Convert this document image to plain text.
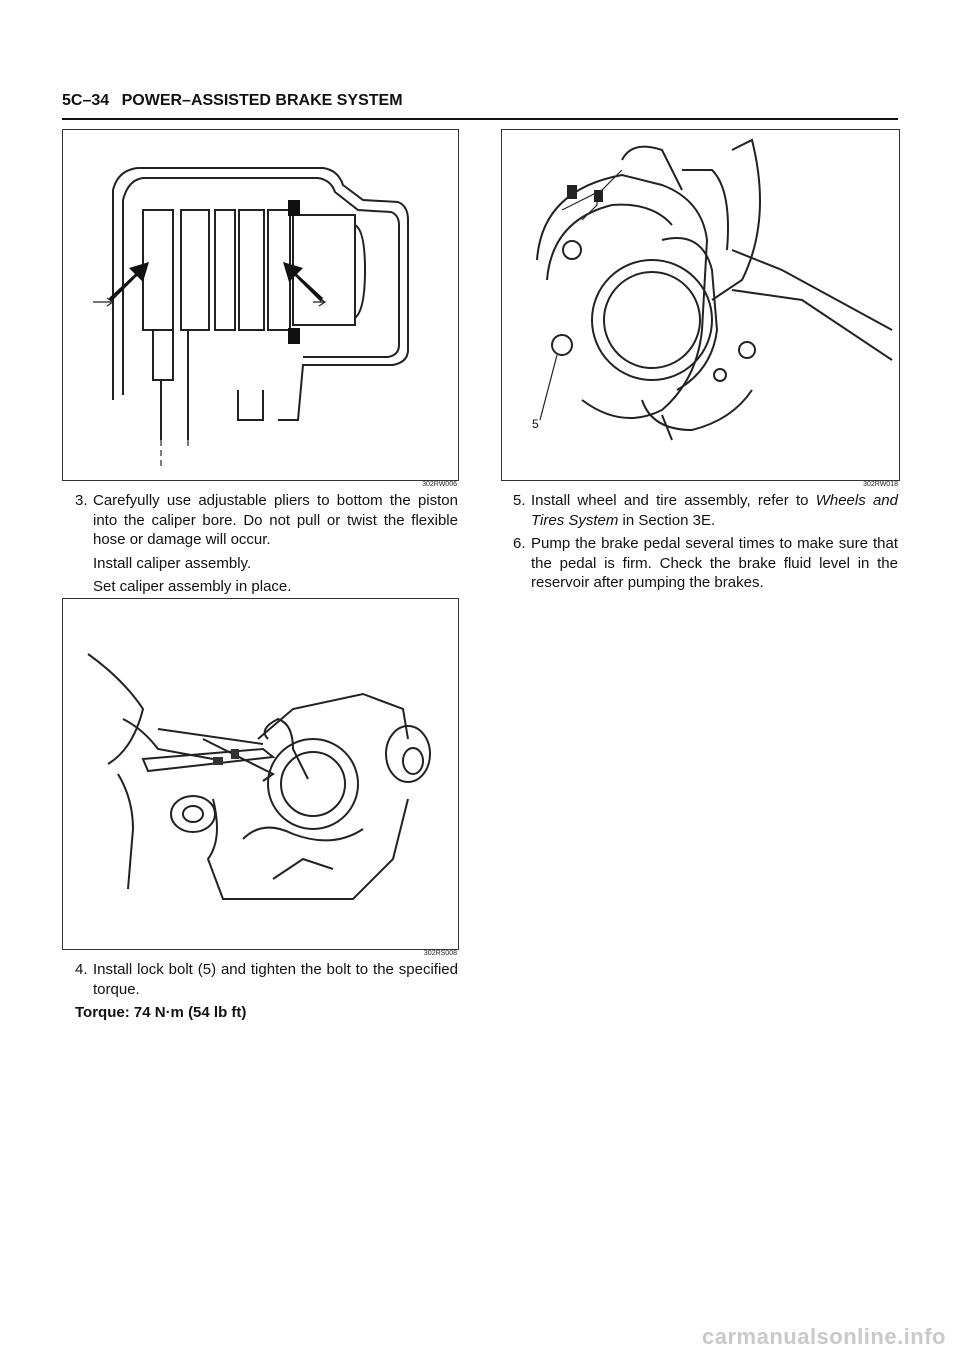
5C–34 POWER–ASSISTED BRAKE SYSTEM
302RW006
5
302RW018
3. Carefyully use adjustable pliers to bottom the piston into the caliper bore. Do not pull or twist the flexible hose or damage will occur.
Install caliper assembly.
Set caliper assembly in place.
5. Install wheel and tire assembly, refer to Wheels and Tires System in Section 3E.
6. Pump the brake pedal several times to make sure that the pedal is firm. Check the brake fluid level in the reservoir after pumping the brakes.
302RS008
4. Install lock bolt (5) and tighten the bolt to the specified torque.
Torque: 74 N·m (54 lb ft)
carmanualsonline.info
